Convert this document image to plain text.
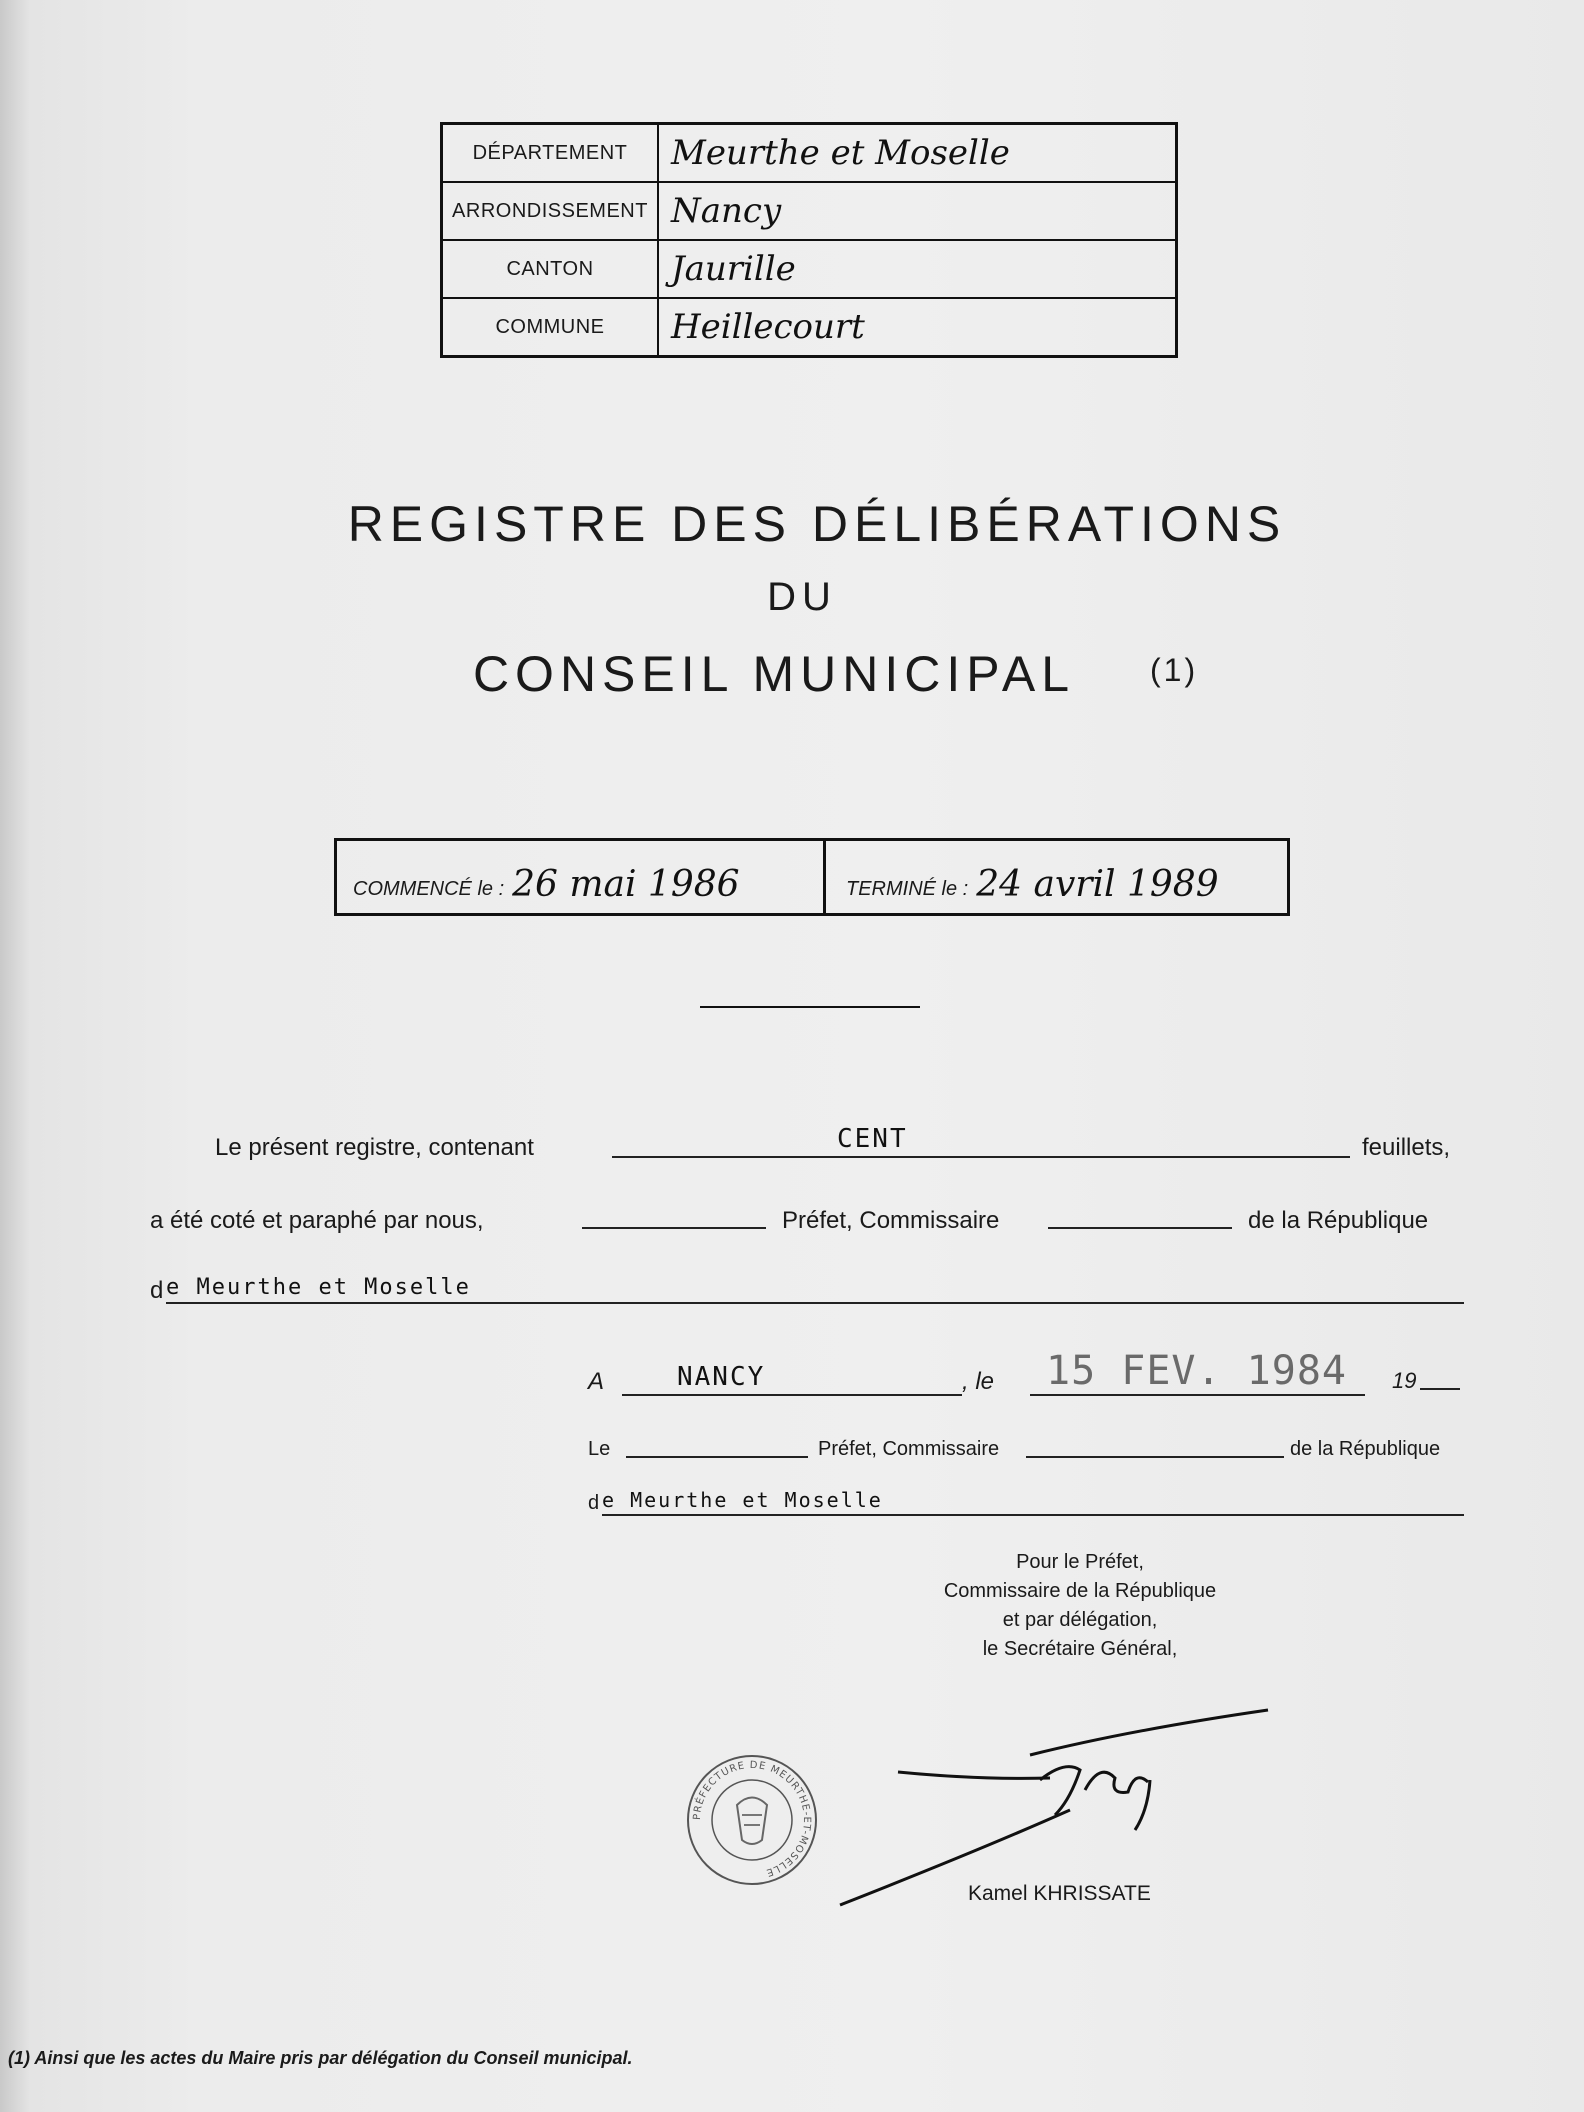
DÉPARTEMENT	Meurthe et Moselle
ARRONDISSEMENT	Nancy
CANTON	Jaurille
COMMUNE	Heillecourt
REGISTRE DES DÉLIBÉRATIONS
DU
CONSEIL MUNICIPAL	(1)
COMMENCÉ le : 26 mai 1986	TERMINÉ le : 24 avril 1989
Le présent registre, contenant	CENT	feuillets,
a été coté et paraphé par nous,	Préfet, Commissaire	de la République
d e Meurthe et Moselle
A	NANCY	, le 15 FEV. 1984 19
Le	Préfet, Commissaire	de la République
d e Meurthe et Moselle
Pour le Préfet,
Commissaire de la République
et par délégation,
le Secrétaire Général,
PRÉFECTURE DE MEURTHE-ET-MOSELLE
Kamel KHRISSATE
(1) Ainsi que les actes du Maire pris par délégation du Conseil municipal.
